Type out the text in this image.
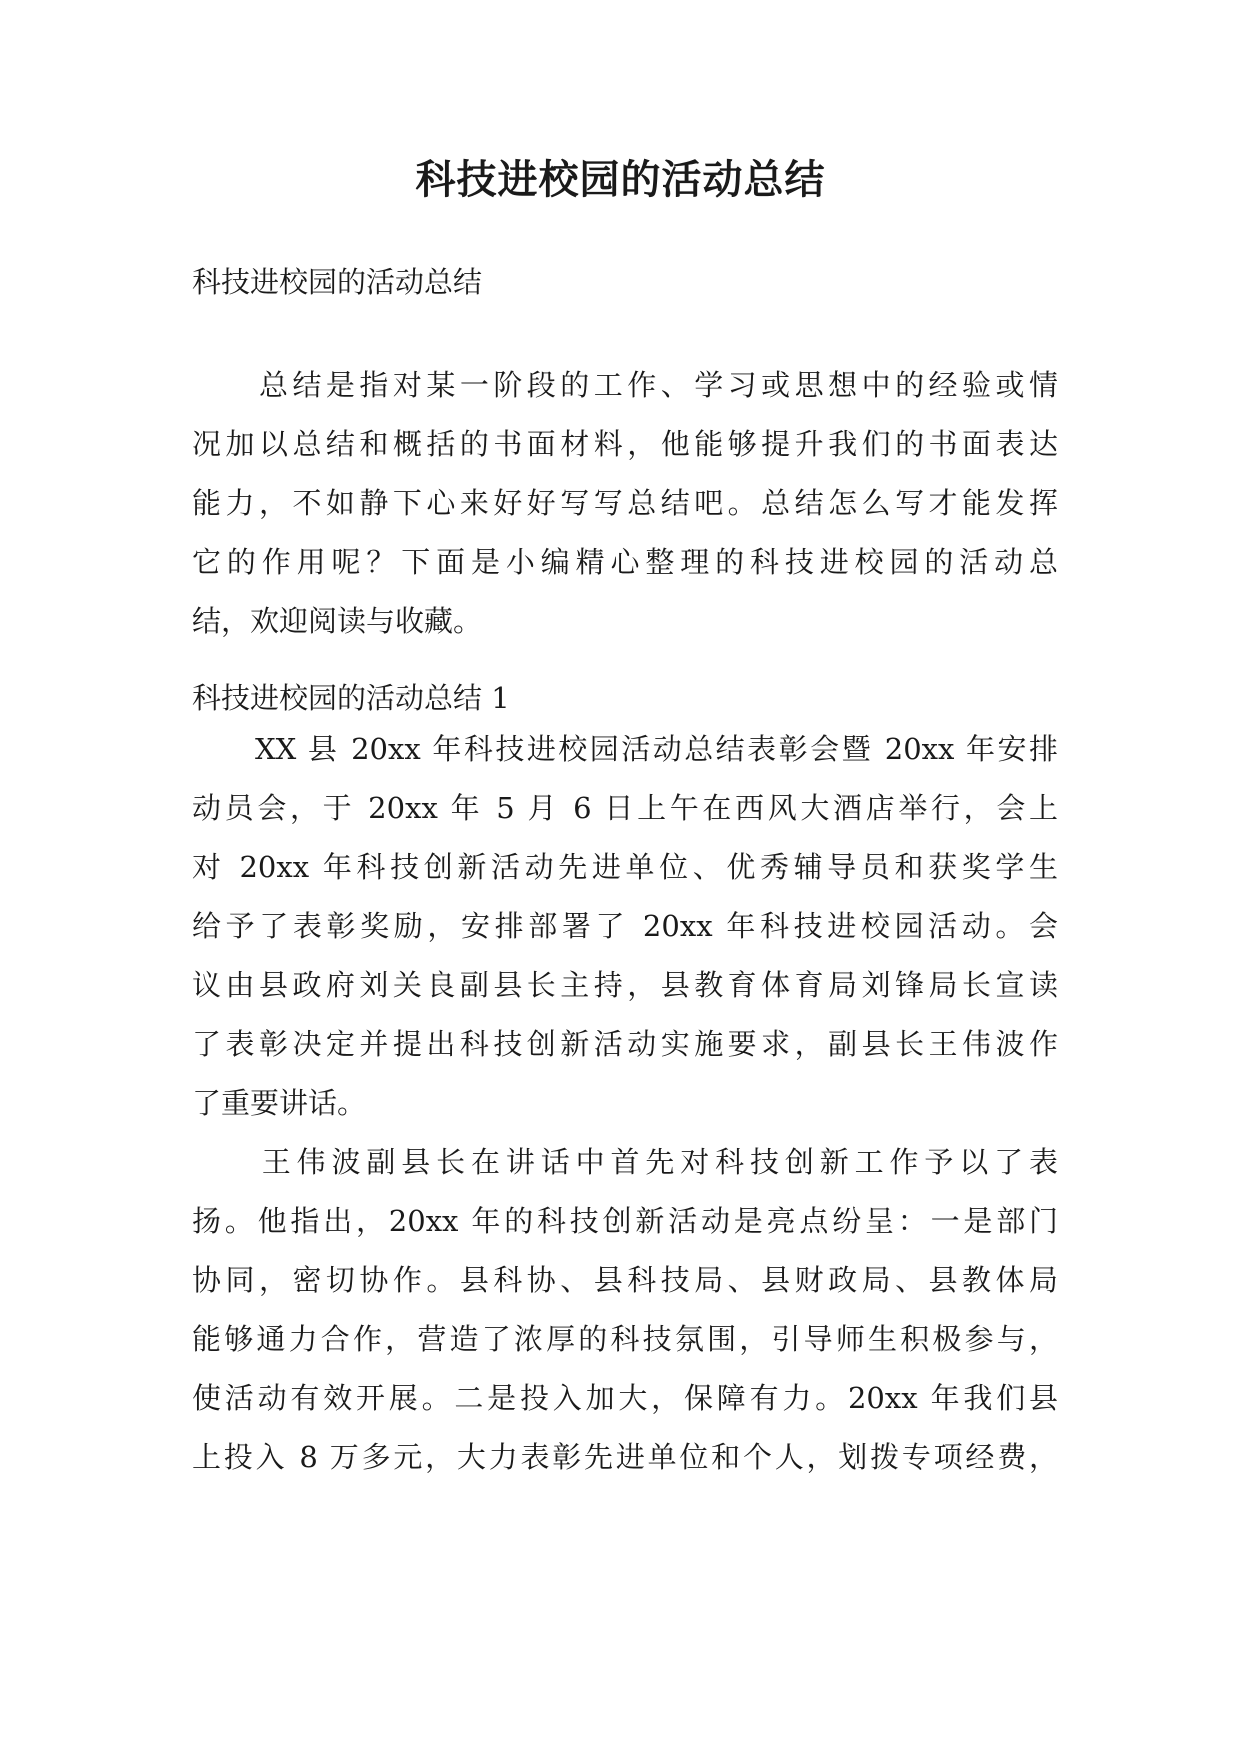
科技进校园的活动总结
科技进校园的活动总结
　　总结是指对某一阶段的工作、学习或思想中的经验或情
况加以总结和概括的书面材料，他能够提升我们的书面表达
能力，不如静下心来好好写写总结吧。总结怎么写才能发挥
它的作用呢？下面是小编精心整理的科技进校园的活动总
结，欢迎阅读与收藏。
科技进校园的活动总结 1
　　XX 县 20xx 年科技进校园活动总结表彰会暨 20xx 年安排
动员会，于 20xx 年 5 月 6 日上午在西风大酒店举行，会上
对 20xx 年科技创新活动先进单位、优秀辅导员和获奖学生
给予了表彰奖励，安排部署了 20xx 年科技进校园活动。会
议由县政府刘关良副县长主持，县教育体育局刘锋局长宣读
了表彰决定并提出科技创新活动实施要求，副县长王伟波作
了重要讲话。
　　王伟波副县长在讲话中首先对科技创新工作予以了表
扬。他指出，20xx 年的科技创新活动是亮点纷呈：一是部门
协同，密切协作。县科协、县科技局、县财政局、县教体局
能够通力合作，营造了浓厚的科技氛围，引导师生积极参与，
使活动有效开展。二是投入加大，保障有力。20xx 年我们县
上投入 8 万多元，大力表彰先进单位和个人，划拨专项经费，
